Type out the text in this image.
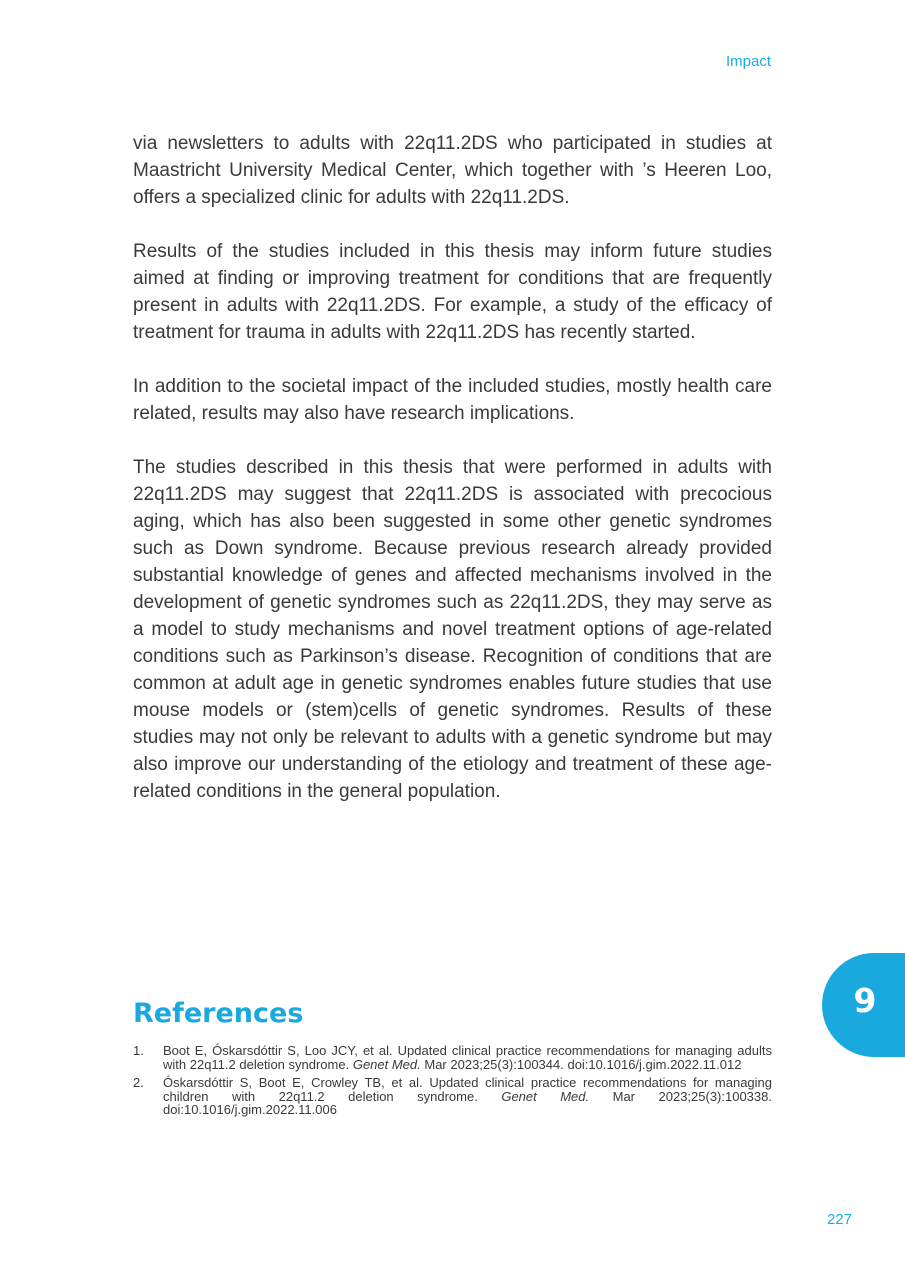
Impact

via newsletters to adults with 22q11.2DS who participated in studies at Maastricht University Medical Center, which together with ’s Heeren Loo, offers a specialized clinic for adults with 22q11.2DS.

Results of the studies included in this thesis may inform future studies aimed at finding or improving treatment for conditions that are frequently present in adults with 22q11.2DS. For example, a study of the efficacy of treatment for trauma in adults with 22q11.2DS has recently started.

In addition to the societal impact of the included studies, mostly health care related, results may also have research implications.

The studies described in this thesis that were performed in adults with 22q11.2DS may suggest that 22q11.2DS is associated with precocious aging, which has also been suggested in some other genetic syndromes such as Down syndrome. Because previous research already provided substantial knowledge of genes and affected mechanisms involved in the development of genetic syndromes such as 22q11.2DS, they may serve as a model to study mechanisms and novel treatment options of age-related conditions such as Parkinson’s disease. Recognition of conditions that are common at adult age in genetic syndromes enables future studies that use mouse models or (stem)cells of genetic syndromes. Results of these studies may not only be relevant to adults with a genetic syndrome but may also improve our understanding of the etiology and treatment of these age-related conditions in the general population.

9
References
1. Boot E, Óskarsdóttir S, Loo JCY, et al. Updated clinical practice recommendations for managing adults with 22q11.2 deletion syndrome. Genet Med. Mar 2023;25(3):100344. doi:10.1016/j.gim.2022.11.012
2. Óskarsdóttir S, Boot E, Crowley TB, et al. Updated clinical practice recommendations for managing children with 22q11.2 deletion syndrome. Genet Med. Mar 2023;25(3):100338. doi:10.1016/j.gim.2022.11.006
227
